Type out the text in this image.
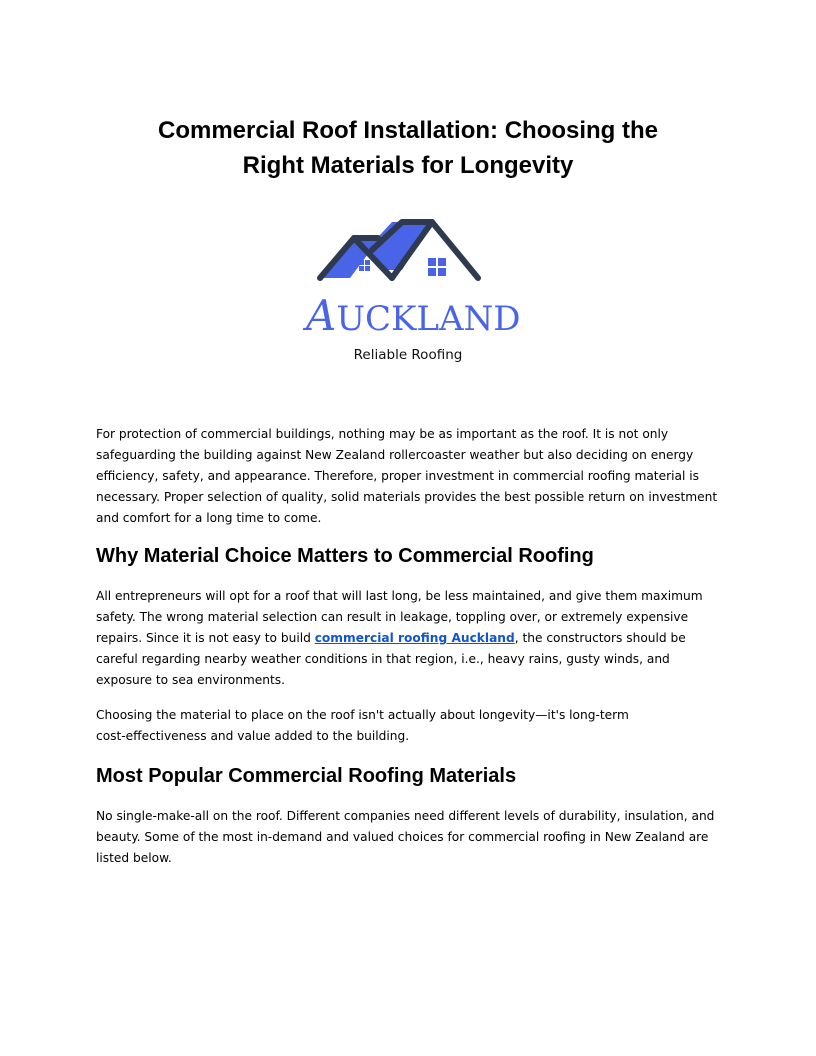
Commercial Roof Installation: Choosing the
Right Materials for Longevity
AUCKLAND
Reliable Roofing

For protection of commercial buildings, nothing may be as important as the roof. It is not only safeguarding the building against New Zealand rollercoaster weather but also deciding on energy efficiency, safety, and appearance. Therefore, proper investment in commercial roofing material is necessary. Proper selection of quality, solid materials provides the best possible return on investment and comfort for a long time to come.

Why Material Choice Matters to Commercial Roofing

All entrepreneurs will opt for a roof that will last long, be less maintained, and give them maximum safety. The wrong material selection can result in leakage, toppling over, or extremely expensive repairs. Since it is not easy to build commercial roofing Auckland, the constructors should be careful regarding nearby weather conditions in that region, i.e., heavy rains, gusty winds, and exposure to sea environments.

Choosing the material to place on the roof isn't actually about longevity—it's long-term
cost-effectiveness and value added to the building.

Most Popular Commercial Roofing Materials

No single-make-all on the roof. Different companies need different levels of durability, insulation, and beauty. Some of the most in-demand and valued choices for commercial roofing in New Zealand are listed below.
